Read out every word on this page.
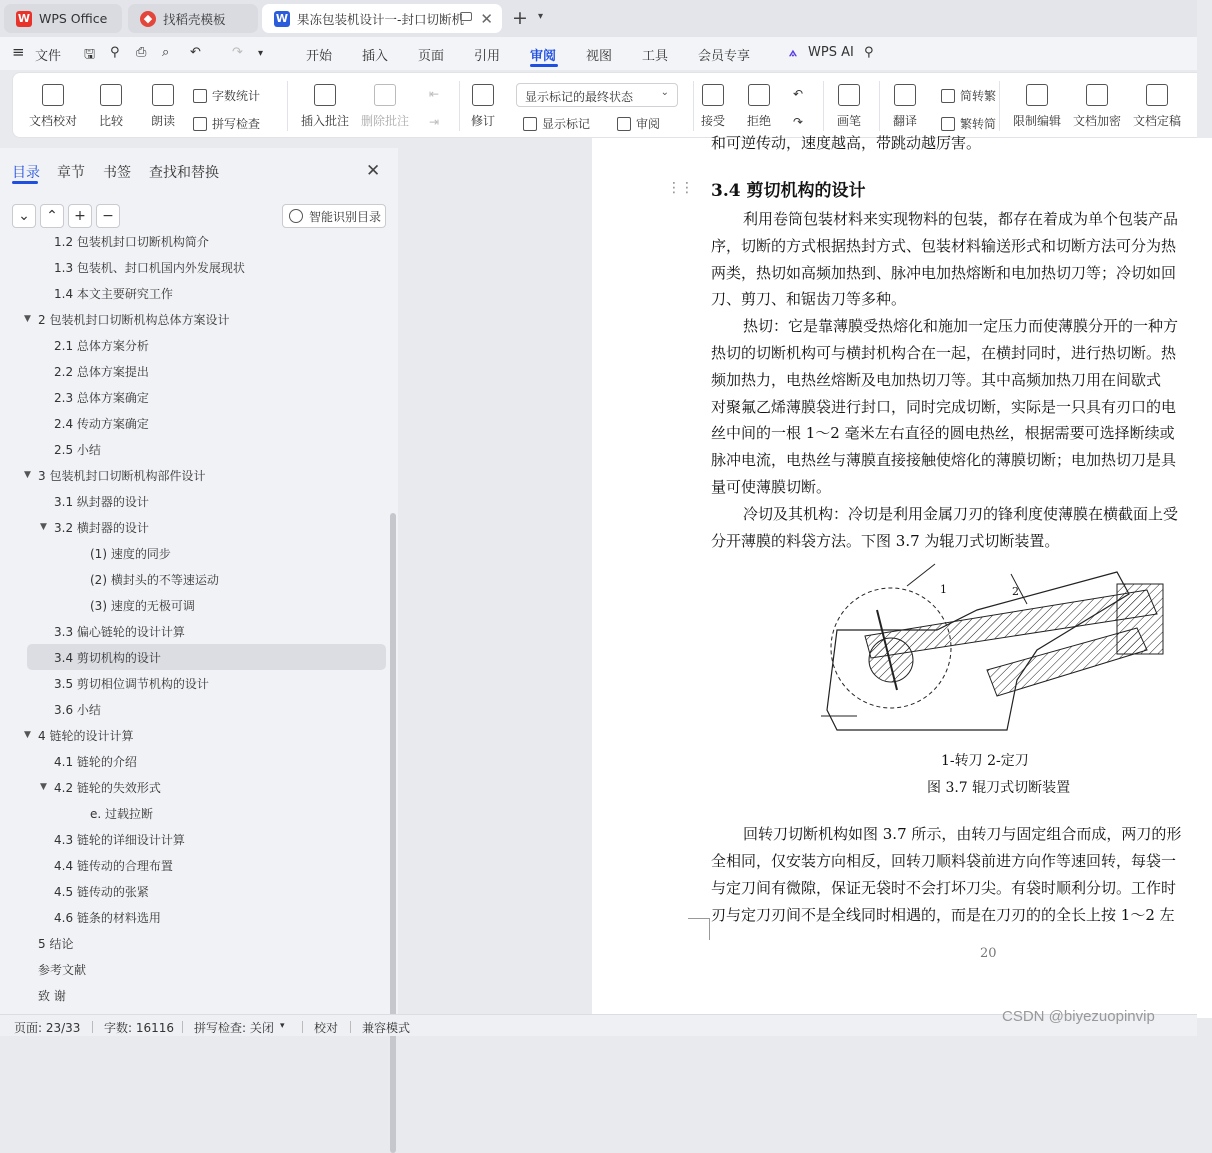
W WPS Office	◆ 找稻壳模板	W 果冻包装机设计一-封口切断机 ✕ + ▾
≡ 文件 🖫 ⚲ ⎙ ⌕ ↶ ↷ ▾	开始 插入 页面 引用 审阅 视图 工具 会员专享	⟑ WPS AI ⚲
文档校对 比较 朗读
字数统计
拼写检查	插入批注 删除批注
⇤
⇥	修订
显示标记的最终状态	⌄
显示标记	审阅	接受 拒绝
↶
↷	画笔	翻译
简转繁
繁转简 限制编辑 文档加密 文档定稿
目录 章节 书签 查找和替换	✕
⌄ ⌃ + −	智能识别目录
1.2 包装机封口切断机构简介
1.3 包装机、封口机国内外发展现状
1.4 本文主要研究工作
▼ 2 包装机封口切断机构总体方案设计
2.1 总体方案分析
2.2 总体方案提出
2.3 总体方案确定
2.4 传动方案确定
2.5 小结
▼ 3 包装机封口切断机构部件设计
3.1 纵封器的设计
▼ 3.2 横封器的设计
(1) 速度的同步
(2) 横封头的不等速运动
(3) 速度的无极可调
3.3 偏心链轮的设计计算
3.4 剪切机构的设计
3.5 剪切相位调节机构的设计
3.6 小结
▼ 4 链轮的设计计算
4.1 链轮的介绍
▼ 4.2 链轮的失效形式
e. 过载拉断
4.3 链轮的详细设计计算
4.4 链传动的合理布置
4.5 链传动的张紧
4.6 链条的材料选用
5 结论
参考文献
致 谢
和可逆传动，速度越高，带跳动越厉害。
⋮⋮ 3.4 剪切机构的设计
利用卷筒包装材料来实现物料的包装，都存在着成为单个包装产品
序，切断的方式根据热封方式、包装材料输送形式和切断方法可分为热
两类，热切如高频加热到、脉冲电加热熔断和电加热切刀等；冷切如回
刀、剪刀、和锯齿刀等多种。
热切：它是靠薄膜受热熔化和施加一定压力而使薄膜分开的一种方
热切的切断机构可与横封机构合在一起，在横封同时，进行热切断。热
频加热力，电热丝熔断及电加热切刀等。其中高频加热刀用在间歇式
对聚氟乙烯薄膜袋进行封口，同时完成切断，实际是一只具有刃口的电
丝中间的一根 1～2 毫米左右直径的圆电热丝，根据需要可选择断续或
脉冲电流，电热丝与薄膜直接接触使熔化的薄膜切断；电加热切刀是具
量可使薄膜切断。
冷切及其机构：冷切是利用金属刀刃的锋利度使薄膜在横截面上受
分开薄膜的料袋方法。下图 3.7 为辊刀式切断装置。
1	2
1-转刀 2-定刀
图 3.7 辊刀式切断装置
回转刀切断机构如图 3.7 所示，由转刀与固定组合而成，两刀的形
全相同，仅安装方向相反，回转刀顺料袋前进方向作等速回转，每袋一
与定刀间有微隙，保证无袋时不会打坏刀尖。有袋时顺利分切。工作时
刃与定刀刃间不是全线同时相遇的，而是在刀刃的的全长上按 1～2 左
20
页面: 23/33 字数: 16116 拼写检查: 关闭 ▾ 校对 兼容模式
CSDN @biyezuopinvip
